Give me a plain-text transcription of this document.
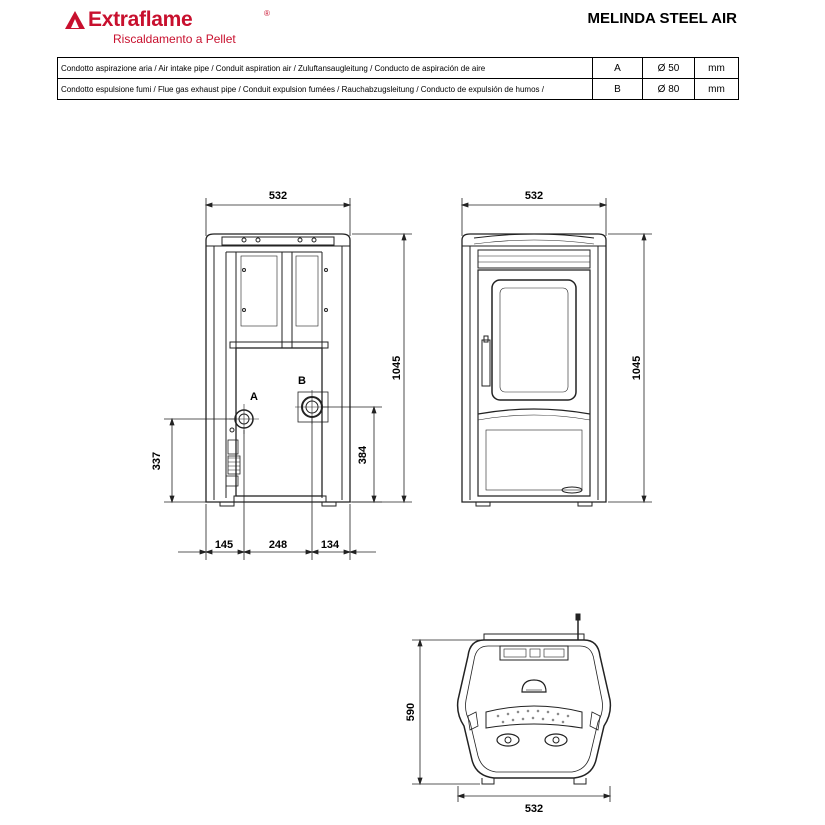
Extraflame	®
Riscaldamento a Pellet
MELINDA STEEL AIR
Condotto aspirazione aria / Air intake pipe / Conduit aspiration air / Zuluftansaugleitung / Conducto de aspiración de aire	A	Ø 50	mm
Condotto espulsione fumi / Flue gas exhaust pipe / Conduit expulsion fumées / Rauchabzugsleitung / Conducto de expulsión de humos /	B	Ø 80	mm
532	532
1045	1045
337	384
145	248	134
A
B
590
532
